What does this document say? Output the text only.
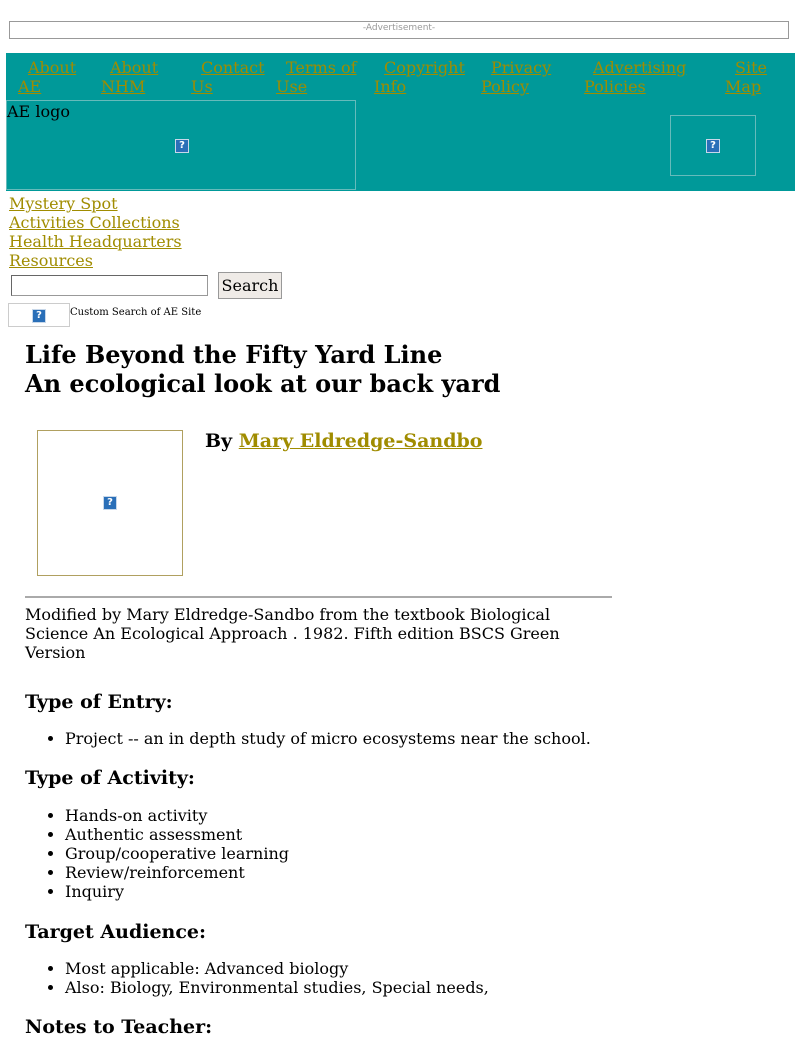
-Advertisement-
About
AE
About
NHM
Contact
Us
Terms of
Use
Copyright
Info
Privacy
Policy
Advertising
Policies
Site
Map
AE logo
?	?
Mystery Spot
Activities Collections
Health Headquarters
Resources
Search
?	Custom Search of AE Site
Life Beyond the Fifty Yard Line
An ecological look at our back yard
?
By Mary Eldredge-Sandbo

Modified by Mary Eldredge-Sandbo from the textbook Biological Science An Ecological Approach . 1982. Fifth edition BSCS Green Version

Type of Entry:
• Project -- an in depth study of micro ecosystems near the school.
Type of Activity:
• Hands-on activity
• Authentic assessment
• Group/cooperative learning
• Review/reinforcement
• Inquiry
Target Audience:
• Most applicable: Advanced biology
• Also: Biology, Environmental studies, Special needs,
Notes to Teacher:
